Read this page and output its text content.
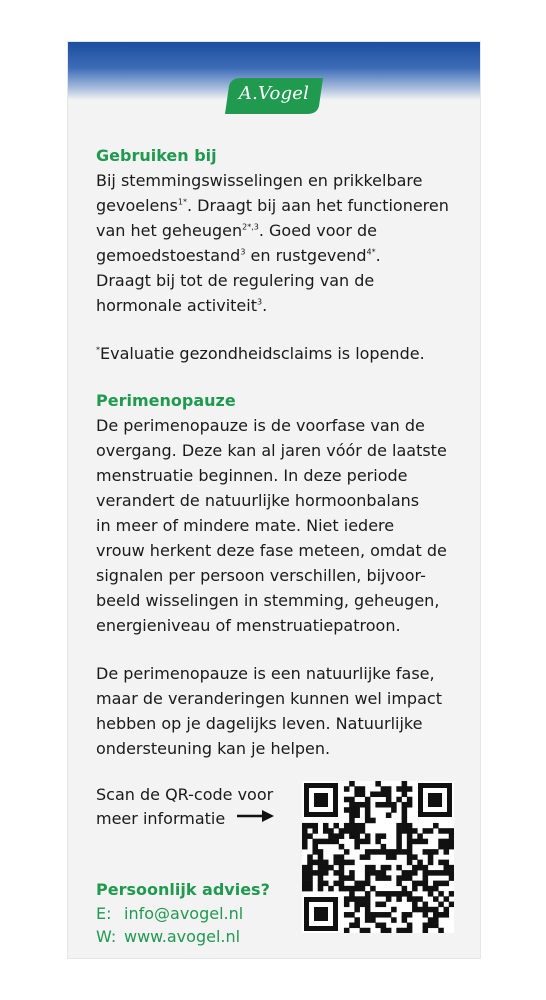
A.Vogel

Gebruiken bij

Bij stemmingswisselingen en prikkelbare

gevoelens$^{1*}$. Draagt bij aan het functioneren

van het geheugen$^{2*,3}$. Goed voor de

gemoedstoestand$^3$ en rustgevend$^{4*}$.

Draagt bij tot de regulering van de

hormonale activiteit$^3$.

*Evaluatie gezondheidsclaims is lopende.

Perimenopauze

De perimenopauze is de voorfase van de

overgang. Deze kan al jaren vóór de laatste

menstruatie beginnen. In deze periode

verandert de natuurlijke hormoonbalans

in meer of mindere mate. Niet iedere

vrouw herkent deze fase meteen, omdat de

signalen per persoon verschillen, bijvoor-

beeld wisselingen in stemming, geheugen,

energieniveau of menstruatiepatroon.

De perimenopauze is een natuurlijke fase,

maar de veranderingen kunnen wel impact

hebben op je dagelijks leven. Natuurlijke

ondersteuning kan je helpen.

Scan de QR-code voor
meer informatie

Persoonlijk advies?

E: info@avogel.nl
W: www.avogel.nl
